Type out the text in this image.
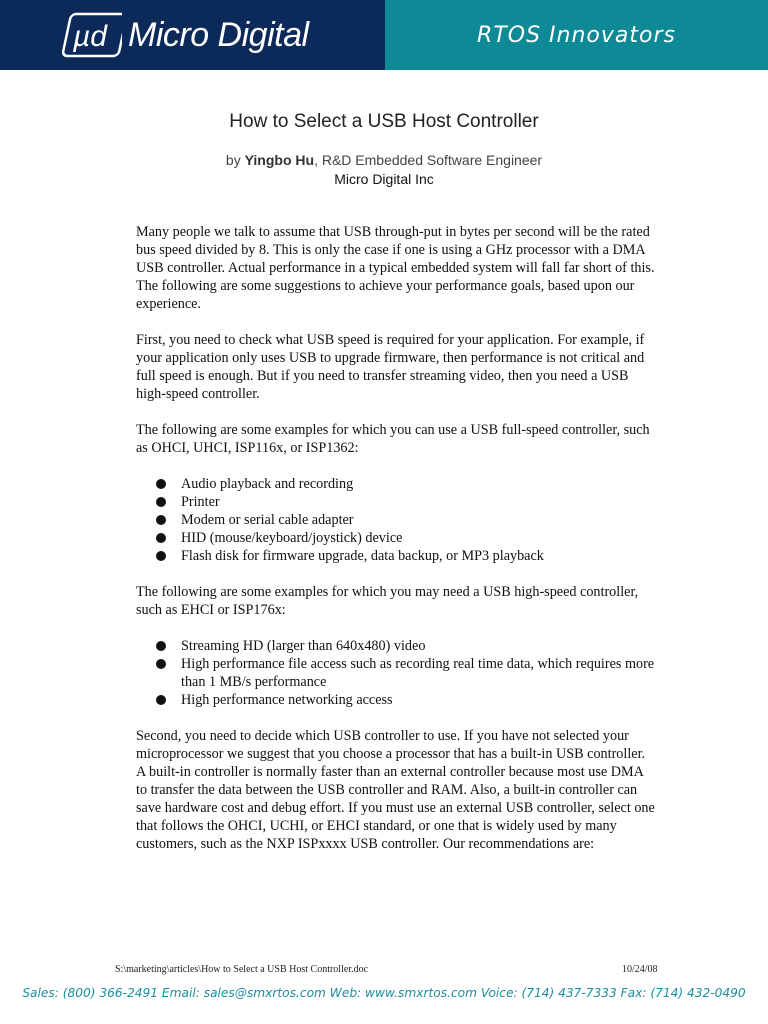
µd Micro Digital	RTOS Innovators
How to Select a USB Host Controller
by Yingbo Hu, R&D Embedded Software Engineer
Micro Digital Inc

Many people we talk to assume that USB through-put in bytes per second will be the rated bus speed divided by 8. This is only the case if one is using a GHz processor with a DMA USB controller. Actual performance in a typical embedded system will fall far short of this. The following are some suggestions to achieve your performance goals, based upon our experience.

First, you need to check what USB speed is required for your application. For example, if your application only uses USB to upgrade firmware, then performance is not critical and full speed is enough. But if you need to transfer streaming video, then you need a USB high-speed controller.

The following are some examples for which you can use a USB full-speed controller, such as OHCI, UHCI, ISP116x, or ISP1362:

Audio playback and recording
Printer
Modem or serial cable adapter
HID (mouse/keyboard/joystick) device
Flash disk for firmware upgrade, data backup, or MP3 playback

The following are some examples for which you may need a USB high-speed controller, such as EHCI or ISP176x:

Streaming HD (larger than 640x480) video
High performance file access such as recording real time data, which requires more than 1 MB/s performance
High performance networking access

Second, you need to decide which USB controller to use. If you have not selected your microprocessor we suggest that you choose a processor that has a built-in USB controller. A built-in controller is normally faster than an external controller because most use DMA to transfer the data between the USB controller and RAM. Also, a built-in controller can save hardware cost and debug effort. If you must use an external USB controller, select one that follows the OHCI, UCHI, or EHCI standard, or one that is widely used by many customers, such as the NXP ISPxxxx USB controller. Our recommendations are:

S:\marketing\articles\How to Select a USB Host Controller.doc	10/24/08
Sales: (800) 366-2491 Email: sales@smxrtos.com Web: www.smxrtos.com Voice: (714) 437-7333 Fax: (714) 432-0490
